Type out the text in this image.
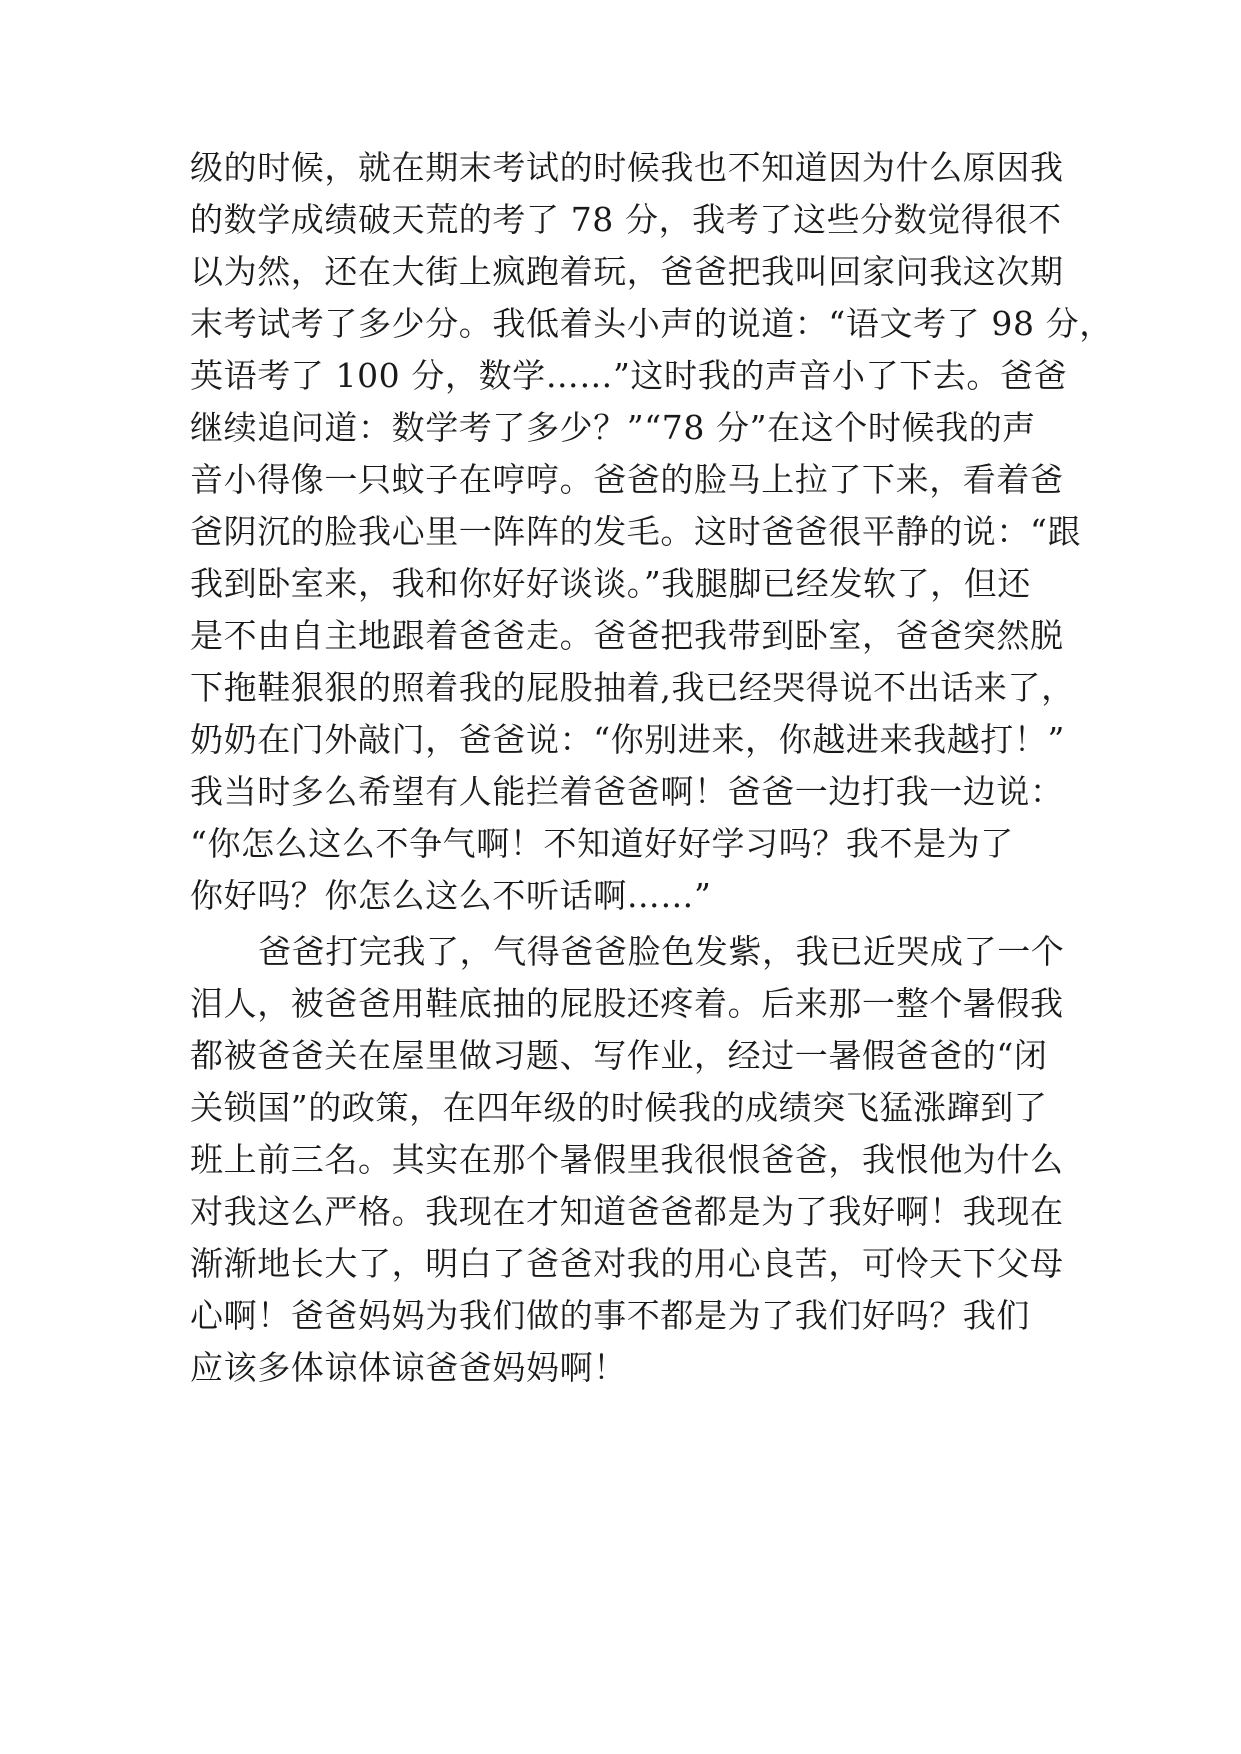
级的时候，就在期末考试的时候我也不知道因为什么原因我
的数学成绩破天荒的考了 78 分，我考了这些分数觉得很不
以为然，还在大街上疯跑着玩，爸爸把我叫回家问我这次期
末考试考了多少分。我低着头小声的说道：“语文考了 98 分，
英语考了 100 分，数学……”这时我的声音小了下去。爸爸
继续追问道：数学考了多少？”“78 分”在这个时候我的声
音小得像一只蚊子在哼哼。爸爸的脸马上拉了下来，看着爸
爸阴沉的脸我心里一阵阵的发毛。这时爸爸很平静的说：“跟
我到卧室来，我和你好好谈谈。”我腿脚已经发软了，但还
是不由自主地跟着爸爸走。爸爸把我带到卧室，爸爸突然脱
下拖鞋狠狠的照着我的屁股抽着,我已经哭得说不出话来了，
奶奶在门外敲门，爸爸说：“你别进来，你越进来我越打！”
我当时多么希望有人能拦着爸爸啊！爸爸一边打我一边说：
“你怎么这么不争气啊！不知道好好学习吗？我不是为了
你好吗？你怎么这么不听话啊……”
爸爸打完我了，气得爸爸脸色发紫，我已近哭成了一个
泪人，被爸爸用鞋底抽的屁股还疼着。后来那一整个暑假我
都被爸爸关在屋里做习题、写作业，经过一暑假爸爸的“闭
关锁国”的政策，在四年级的时候我的成绩突飞猛涨蹿到了
班上前三名。其实在那个暑假里我很恨爸爸，我恨他为什么
对我这么严格。我现在才知道爸爸都是为了我好啊！我现在
渐渐地长大了，明白了爸爸对我的用心良苦，可怜天下父母
心啊！爸爸妈妈为我们做的事不都是为了我们好吗？我们
应该多体谅体谅爸爸妈妈啊！
